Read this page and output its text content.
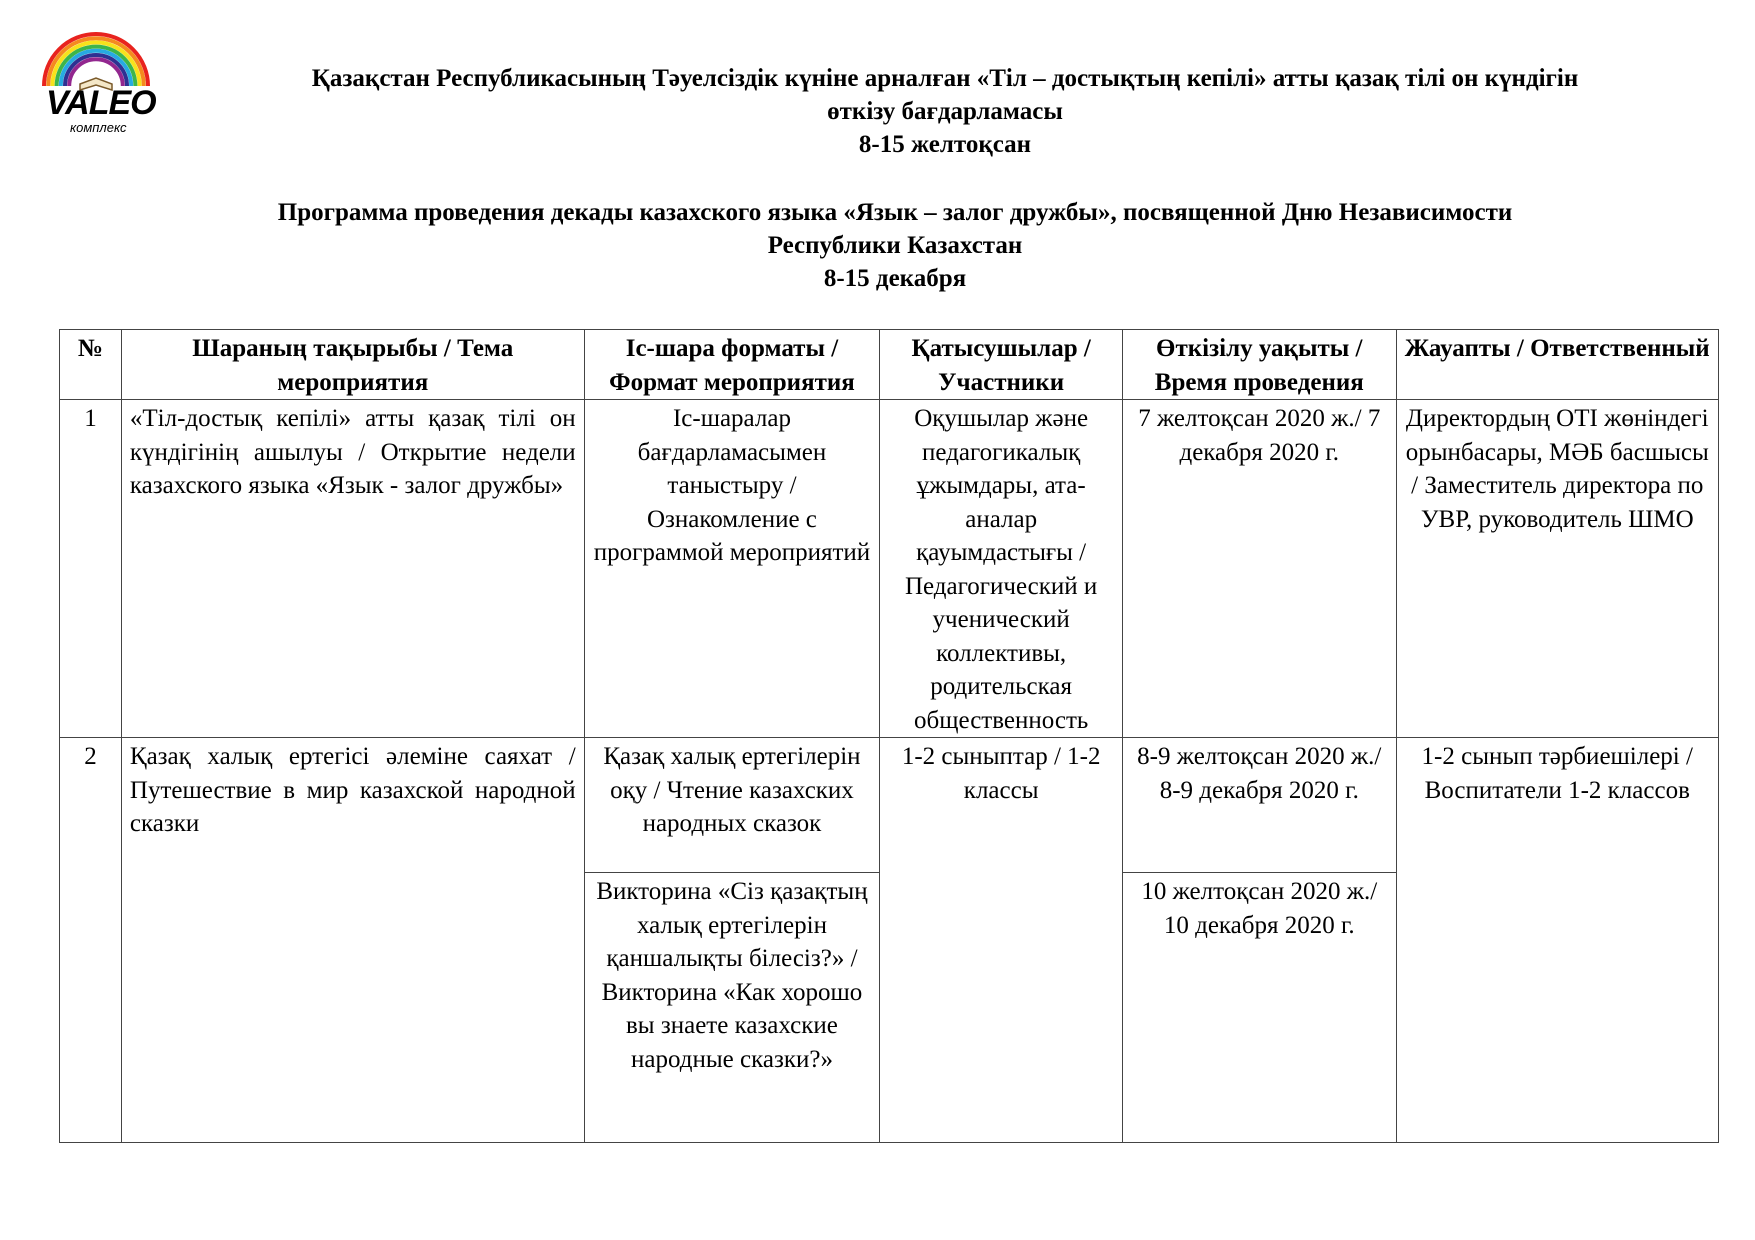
VALEO
комплекс
Қазақстан Республикасының Тәуелсіздік күніне арналған «Тіл – достықтың кепілі» атты қазақ тілі он күндігін
өткізу бағдарламасы
8-15 желтоқсан
Программа проведения декады казахского языка «Язык – залог дружбы», посвященной Дню Независимости
Республики Казахстан
8-15 декабря
№	Шараның тақырыбы / Тема мероприятия	Іс-шара форматы / Формат мероприятия	Қатысушылар / Участники	Өткізілу уақыты / Время проведения	Жауапты / Ответственный
1	«Тіл-достық кепілі» атты қазақ тілі он күндігінің ашылуы / Открытие недели казахского языка «Язык - залог дружбы»	Іс-шаралар бағдарламасымен таныстыру / Ознакомление с программой мероприятий	Оқушылар және педагогикалық ұжымдары, ата-аналар қауымдастығы / Педагогический и ученический коллективы, родительская общественность	7 желтоқсан 2020 ж./ 7 декабря 2020 г.	Директордың ОТІ жөніндегі орынбасары, МӘБ басшысы / Заместитель директора по УВР, руководитель ШМО
2	Қазақ халық ертегісі әлеміне саяхат / Путешествие в мир казахской народной сказки	Қазақ халық ертегілерін оқу / Чтение казахских народных сказок	1-2 сыныптар / 1-2 классы	8-9 желтоқсан 2020 ж./ 8-9 декабря 2020 г.	1-2 сынып тәрбиешілері / Воспитатели 1-2 классов
		Викторина «Сіз қазақтың халық ертегілерін қаншалықты білесіз?» / Викторина «Как хорошо вы знаете казахские народные сказки?»		10 желтоқсан 2020 ж./ 10 декабря 2020 г.	
